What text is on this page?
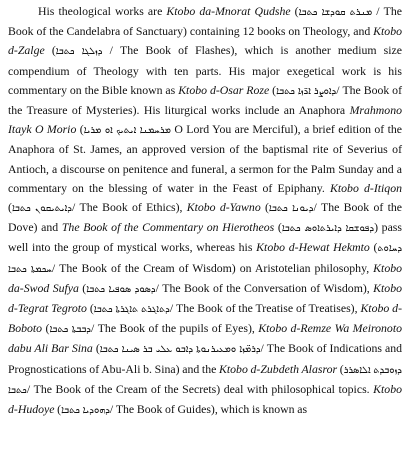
His theological works are Ktobo da-Mnorat Qudshe (ܡܢܪܬ ܩܘܕܫܐ ܟܬܒܐ / The Book of the Candelabra of Sanctuary) containing 12 books on Theology, and Ktobo d-Zalge (ܕܙܠܓܐ ܟܬܒܐ / The Book of Flashes), which is another medium size compendium of Theology with ten parts. His major exegetical work is his commentary on the Bible known as Ktobo d-Osar Roze (ܕܐܘܨܪ ܐܪ̈ܙܐ ܟܬܒܐ/ The Book of the Treasure of Mysteries). His liturgical works include an Anaphora Mrahmono Itayk O Morio (ܡܪܚܡܢܐ ܐܝܬܝܟ ܐܘ ܡܪܝܐ O Lord You are Merciful), a brief edition of the Anaphora of St. James, an approved version of the baptismal rite of Severius of Antioch, a discourse on penitence and funeral, a sermon for the Palm Sunday and a commentary on the blessing of water in the Feast of Epiphany. Ktobo d-Itiqon (ܕܐܝܬܝܩܘܢ ܟܬܒܐ/ The Book of Ethics), Ktobo d-Yawno (ܕܝܘܢܐ ܟܬܒܐ/ The Book of the Dove) and The Book of the Commentary on Hierotheos (ܕܦܘܫܩܐ ܕܐܝܪܬܐܘܣ ܟܬܒܐ) pass well into the group of mystical works, whereas his Ktobo d-Hewat Hekmto (ܕܚܐܘܬ ܚܟܡܬܐ ܟܬܒܐ/ The Book of the Cream of Wisdom) on Aristotelian philosophy, Ktobo da-Swod Sufya (ܕܣܘܕ ܣܘܦܝܐ ܟܬܒܐ/ The Book of the Conversation of Wisdom), Ktobo d-Tegrat Tegroto (ܕܬܐܓܪܬ ܬܐܓܪܬܐ ܟܬܒܐ/ The Book of the Treatise of Treatises), Ktobo d-Boboto (ܕܒܒܬܐ ܟܬܒܐ/ The Book of the pupils of Eyes), Ktobo d-Remze Wa Meironoto dabu Ali Bar Sina (ܕܪܡ̈ܙܐ ܘܡܥܝܪܢܘܬܐ ܕܐܒܘ ܥܠܝ ܒܪ ܣܝܢܐ ܟܬܒܐ/ The Book of Indications and Prognostications of Abu-Ali b. Sina) and the Ktobo d-Zubdeth Alasror (ܕܙܘܒܕܬ ܐܠܐܣܪܪ ܟܬܒܐ/ The Book of the Cream of the Secrets) deal with philosophical topics. Ktobo d-Hudoye (ܕܗܘܕܝܐ ܟܬܒܐ/ The Book of Guides), which is known as
